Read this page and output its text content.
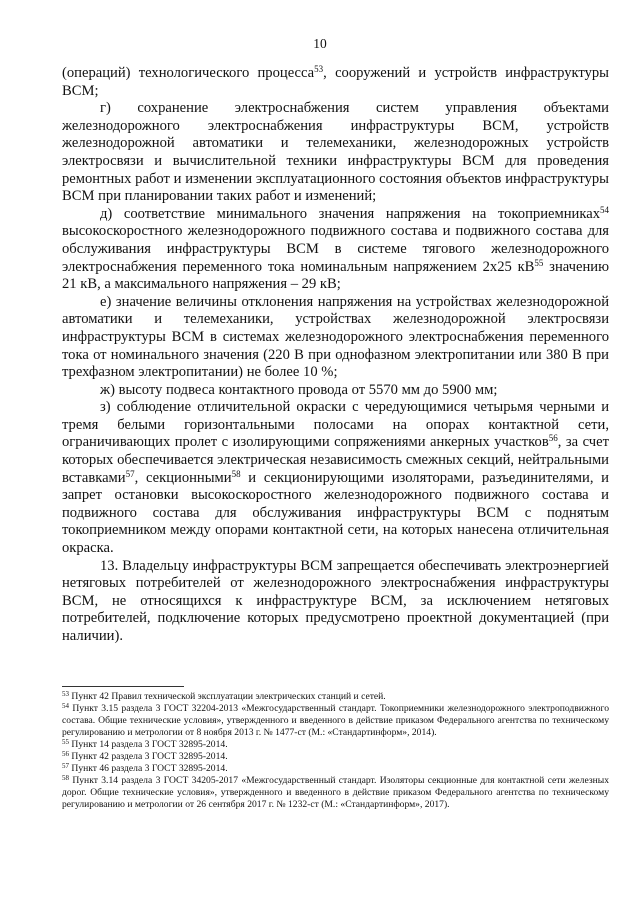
10

(операций) технологического процесса$^{53}$, сооружений и устройств инфраструктуры ВСМ;

г) сохранение электроснабжения систем управления объектами железнодорожного электроснабжения инфраструктуры ВСМ, устройств железнодорожной автоматики и телемеханики, железнодорожных устройств электросвязи и вычислительной техники инфраструктуры ВСМ для проведения ремонтных работ и изменении эксплуатационного состояния объектов инфраструктуры ВСМ при планировании таких работ и изменений;

д) соответствие минимального значения напряжения на токоприемниках$^{54}$ высокоскоростного железнодорожного подвижного состава и подвижного состава для обслуживания инфраструктуры ВСМ в системе тягового железнодорожного электроснабжения переменного тока номинальным напряжением 2х25 $кВ^{55}$ значению 21 кВ, а максимального напряжения – 29 кВ;

е) значение величины отклонения напряжения на устройствах железнодорожной автоматики и телемеханики, устройствах железнодорожной электросвязи инфраструктуры ВСМ в системах железнодорожного электроснабжения переменного тока от номинального значения (220 В при однофазном электропитании или 380 В при трехфазном электропитании) не более 10 %;

ж) высоту подвеса контактного провода от 5570 мм до 5900 мм;

з) соблюдение отличительной окраски с чередующимися четырьмя черными и тремя белыми горизонтальными полосами на опорах контактной сети, ограничивающих пролет с изолирующими сопряжениями анкерных участков$^{56}$, за счет которых обеспечивается электрическая независимость смежных секций, нейтральными вставками$^{57}$, секционными$^{58}$ и секционирующими изоляторами, разъединителями, и запрет остановки высокоскоростного железнодорожного подвижного состава и подвижного состава для обслуживания инфраструктуры ВСМ с поднятым токоприемником между опорами контактной сети, на которых нанесена отличительная окраска.

13. Владельцу инфраструктуры ВСМ запрещается обеспечивать электроэнергией нетяговых потребителей от железнодорожного электроснабжения инфраструктуры ВСМ, не относящихся к инфраструктуре ВСМ, за исключением нетяговых потребителей, подключение которых предусмотрено проектной документацией (при наличии).

$^{53}$ Пункт 42 Правил технической эксплуатации электрических станций и сетей.

$^{54}$ Пункт 3.15 раздела 3 ГОСТ 32204-2013 «Межгосударственный стандарт. Токоприемники железнодорожного электроподвижного состава. Общие технические условия», утвержденного и введенного в действие приказом Федерального агентства по техническому регулированию и метрологии от 8 ноября 2013 г. № 1477-ст (М.: «Стандартинформ», 2014).

$^{55}$ Пункт 14 раздела 3 ГОСТ 32895-2014.

$^{56}$ Пункт 42 раздела 3 ГОСТ 32895-2014.

$^{57}$ Пункт 46 раздела 3 ГОСТ 32895-2014.

$^{58}$ Пункт 3.14 раздела 3 ГОСТ 34205-2017 «Межгосударственный стандарт. Изоляторы секционные для контактной сети железных дорог. Общие технические условия», утвержденного и введенного в действие приказом Федерального агентства по техническому регулированию и метрологии от 26 сентября 2017 г. № 1232-ст (М.: «Стандартинформ», 2017).
